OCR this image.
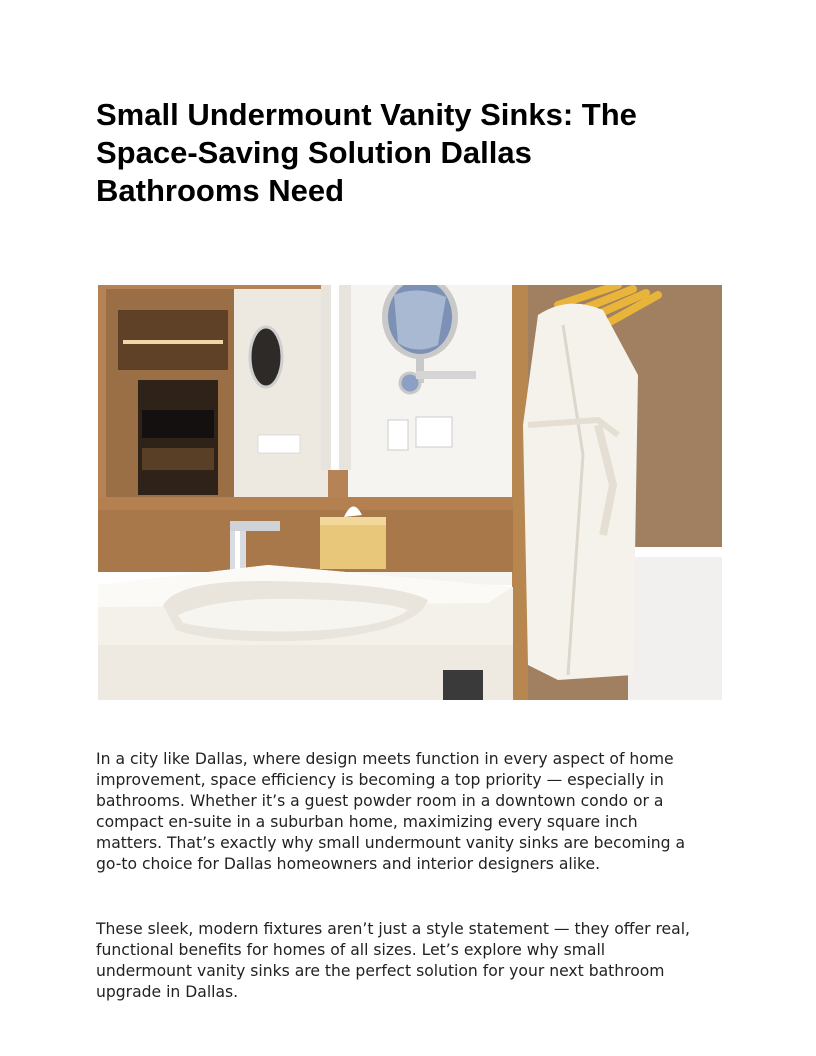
Small Undermount Vanity Sinks: The
Space-Saving Solution Dallas
Bathrooms Need

In a city like Dallas, where design meets function in every aspect of home
improvement, space efficiency is becoming a top priority — especially in
bathrooms. Whether it’s a guest powder room in a downtown condo or a
compact en-suite in a suburban home, maximizing every square inch
matters. That’s exactly why small undermount vanity sinks are becoming a
go-to choice for Dallas homeowners and interior designers alike.

These sleek, modern fixtures aren’t just a style statement — they offer real,
functional benefits for homes of all sizes. Let’s explore why small
undermount vanity sinks are the perfect solution for your next bathroom
upgrade in Dallas.
